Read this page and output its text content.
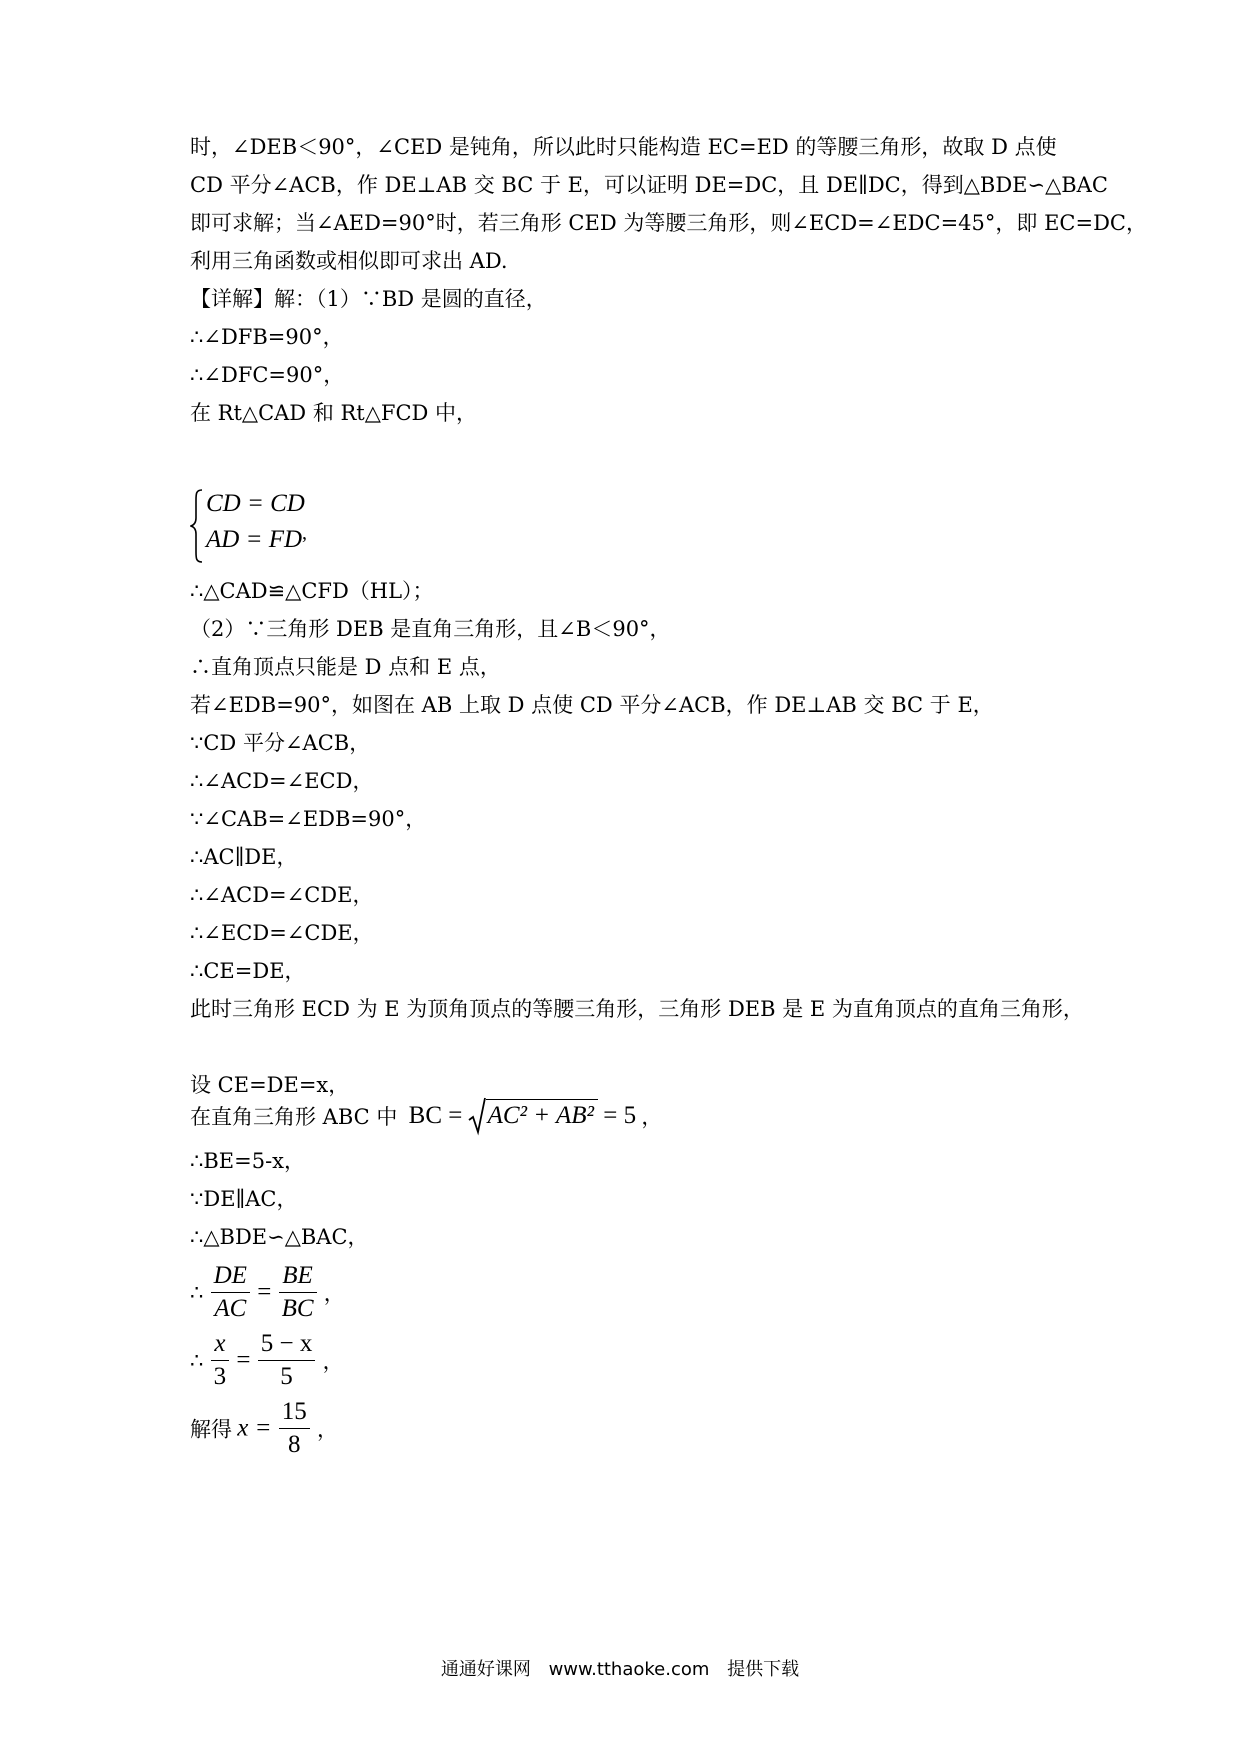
时，∠DEB＜90°，∠CED 是钝角，所以此时只能构造 EC=ED 的等腰三角形，故取 D 点使
CD 平分∠ACB，作 DE⊥AB 交 BC 于 E，可以证明 DE=DC，且 DE∥DC，得到△BDE∽△BAC
即可求解；当∠AED=90°时，若三角形 CED 为等腰三角形，则∠ECD=∠EDC=45°，即 EC=DC，
利用三角函数或相似即可求出 AD.
【详解】解：（1）∵BD 是圆的直径，
∴∠DFB=90°，
∴∠DFC=90°，
在 Rt△CAD 和 Rt△FCD 中，
CD = CD
AD = FD ,
∴△CAD≌△CFD（HL）；
（2）∵三角形 DEB 是直角三角形，且∠B＜90°，
∴直角顶点只能是 D 点和 E 点，
若∠EDB=90°，如图在 AB 上取 D 点使 CD 平分∠ACB，作 DE⊥AB 交 BC 于 E，
∵CD 平分∠ACB，
∴∠ACD=∠ECD，
∵∠CAB=∠EDB=90°，
∴AC∥DE，
∴∠ACD=∠CDE，
∴∠ECD=∠CDE，
∴CE=DE，
此时三角形 ECD 为 E 为顶角顶点的等腰三角形，三角形 DEB 是 E 为直角顶点的直角三角形，
设 CE=DE=x，
在直角三角形 ABC 中 BC = AC² + AB² = 5 ，
∴BE=5-x，
∵DE∥AC，
∴△BDE∽△BAC，
∴ $\frac{DE}{AC} = \frac{BE}{BC}$ ，
∴ $\frac{x}{3} = \frac{5 - x}{5}$ ，
解得 $x = \frac{15}{8}$ ，
通通好课网 www.tthaoke.com 提供下载
